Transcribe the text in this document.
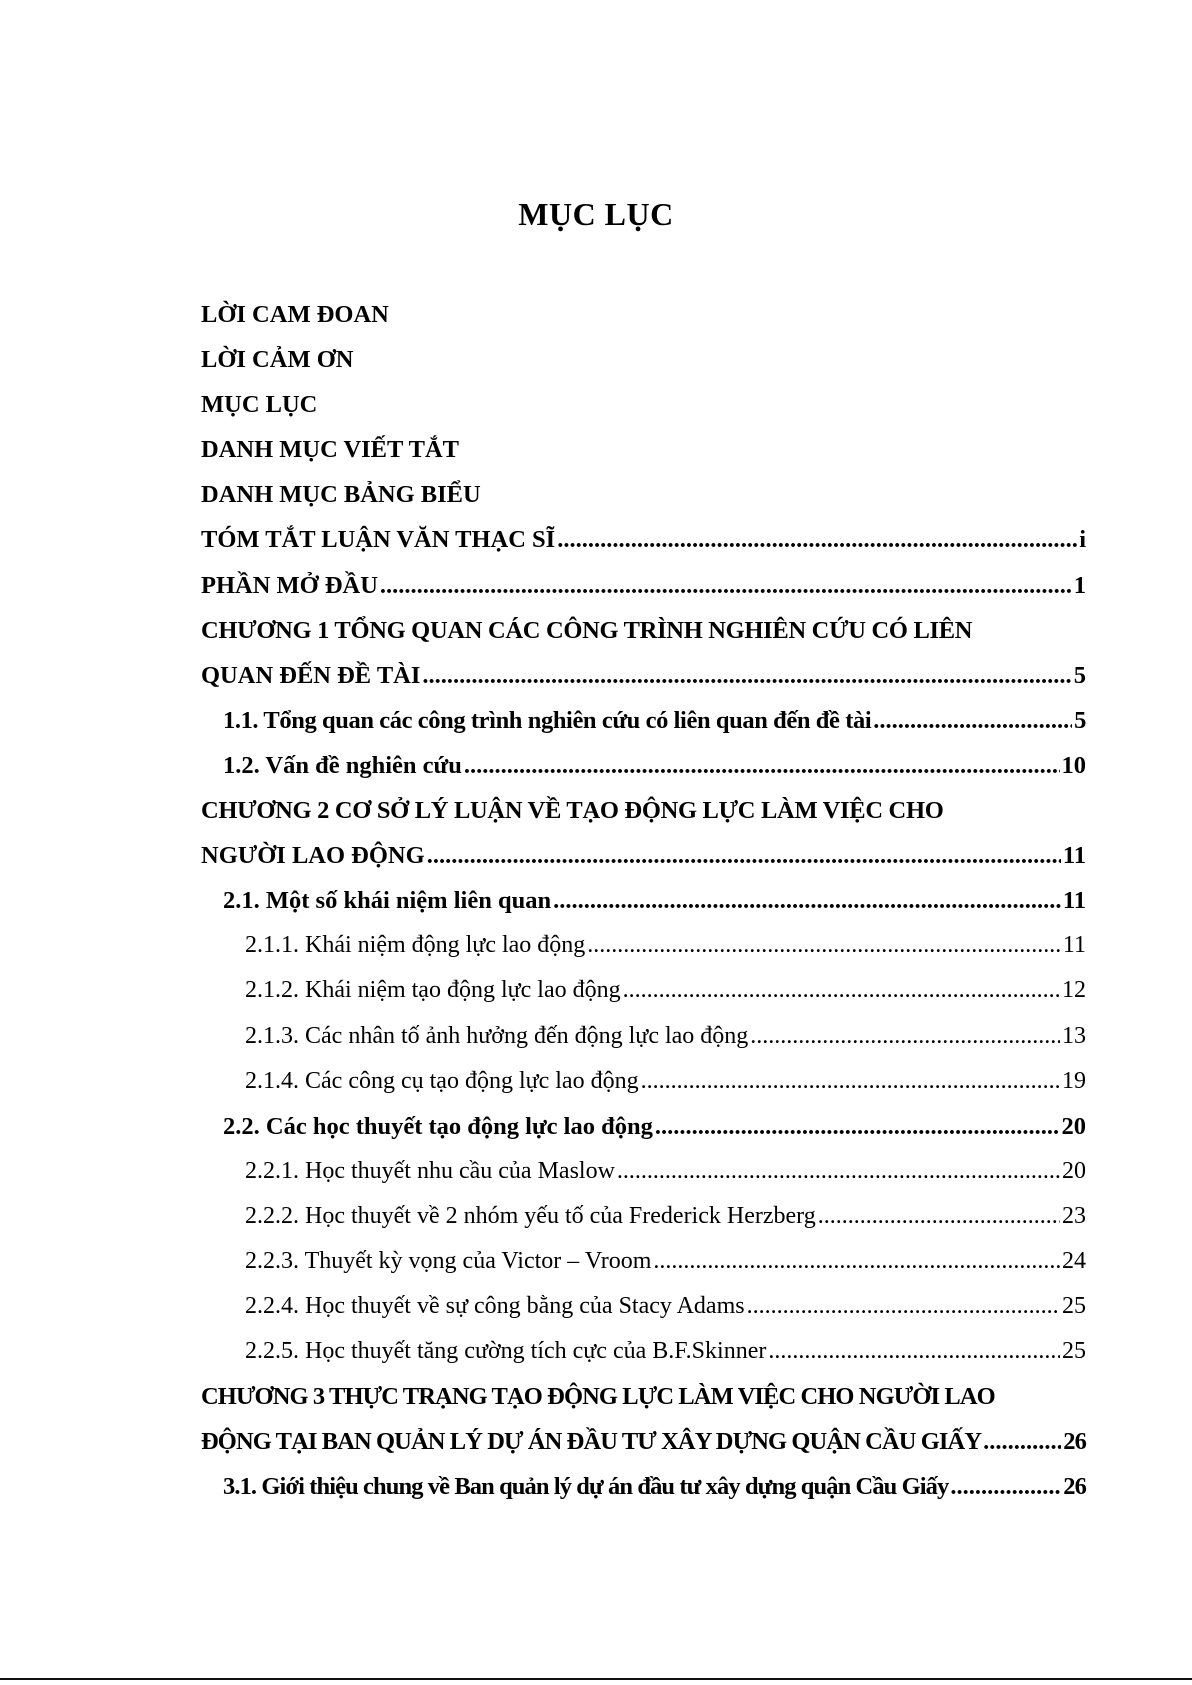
MỤC LỤC
LỜI CAM ĐOAN
LỜI CẢM ƠN
MỤC LỤC
DANH MỤC VIẾT TẮT
DANH MỤC BẢNG BIỂU
TÓM TẮT LUẬN VĂN THẠC SĨ .....	i
PHẦN MỞ ĐẦU .....	1
CHƯƠNG 1 TỔNG QUAN CÁC CÔNG TRÌNH NGHIÊN CỨU CÓ LIÊN
QUAN ĐẾN ĐỀ TÀI .....	5
1.1. Tổng quan các công trình nghiên cứu có liên quan đến đề tài .....	5
1.2. Vấn đề nghiên cứu .....	10
CHƯƠNG 2 CƠ SỞ LÝ LUẬN VỀ TẠO ĐỘNG LỰC LÀM VIỆC CHO
NGƯỜI LAO ĐỘNG .....	11
2.1. Một số khái niệm liên quan .....	11
2.1.1. Khái niệm động lực lao động .....	11
2.1.2. Khái niệm tạo động lực lao động .....	12
2.1.3. Các nhân tố ảnh hưởng đến động lực lao động .....	13
2.1.4. Các công cụ tạo động lực lao động .....	19
2.2. Các học thuyết tạo động lực lao động .....	20
2.2.1. Học thuyết nhu cầu của Maslow .....	20
2.2.2. Học thuyết về 2 nhóm yếu tố của Frederick Herzberg .....	23
2.2.3. Thuyết kỳ vọng của Victor – Vroom .....	24
2.2.4. Học thuyết về sự công bằng của Stacy Adams .....	25
2.2.5. Học thuyết tăng cường tích cực của B.F.Skinner .....	25
CHƯƠNG 3 THỰC TRẠNG TẠO ĐỘNG LỰC LÀM VIỆC CHO NGƯỜI LAO
ĐỘNG TẠI BAN QUẢN LÝ DỰ ÁN ĐẦU TƯ XÂY DỰNG QUẬN CẦU GIẤY .....	26
3.1. Giới thiệu chung về Ban quản lý dự án đầu tư xây dựng quận Cầu Giấy .....	26
